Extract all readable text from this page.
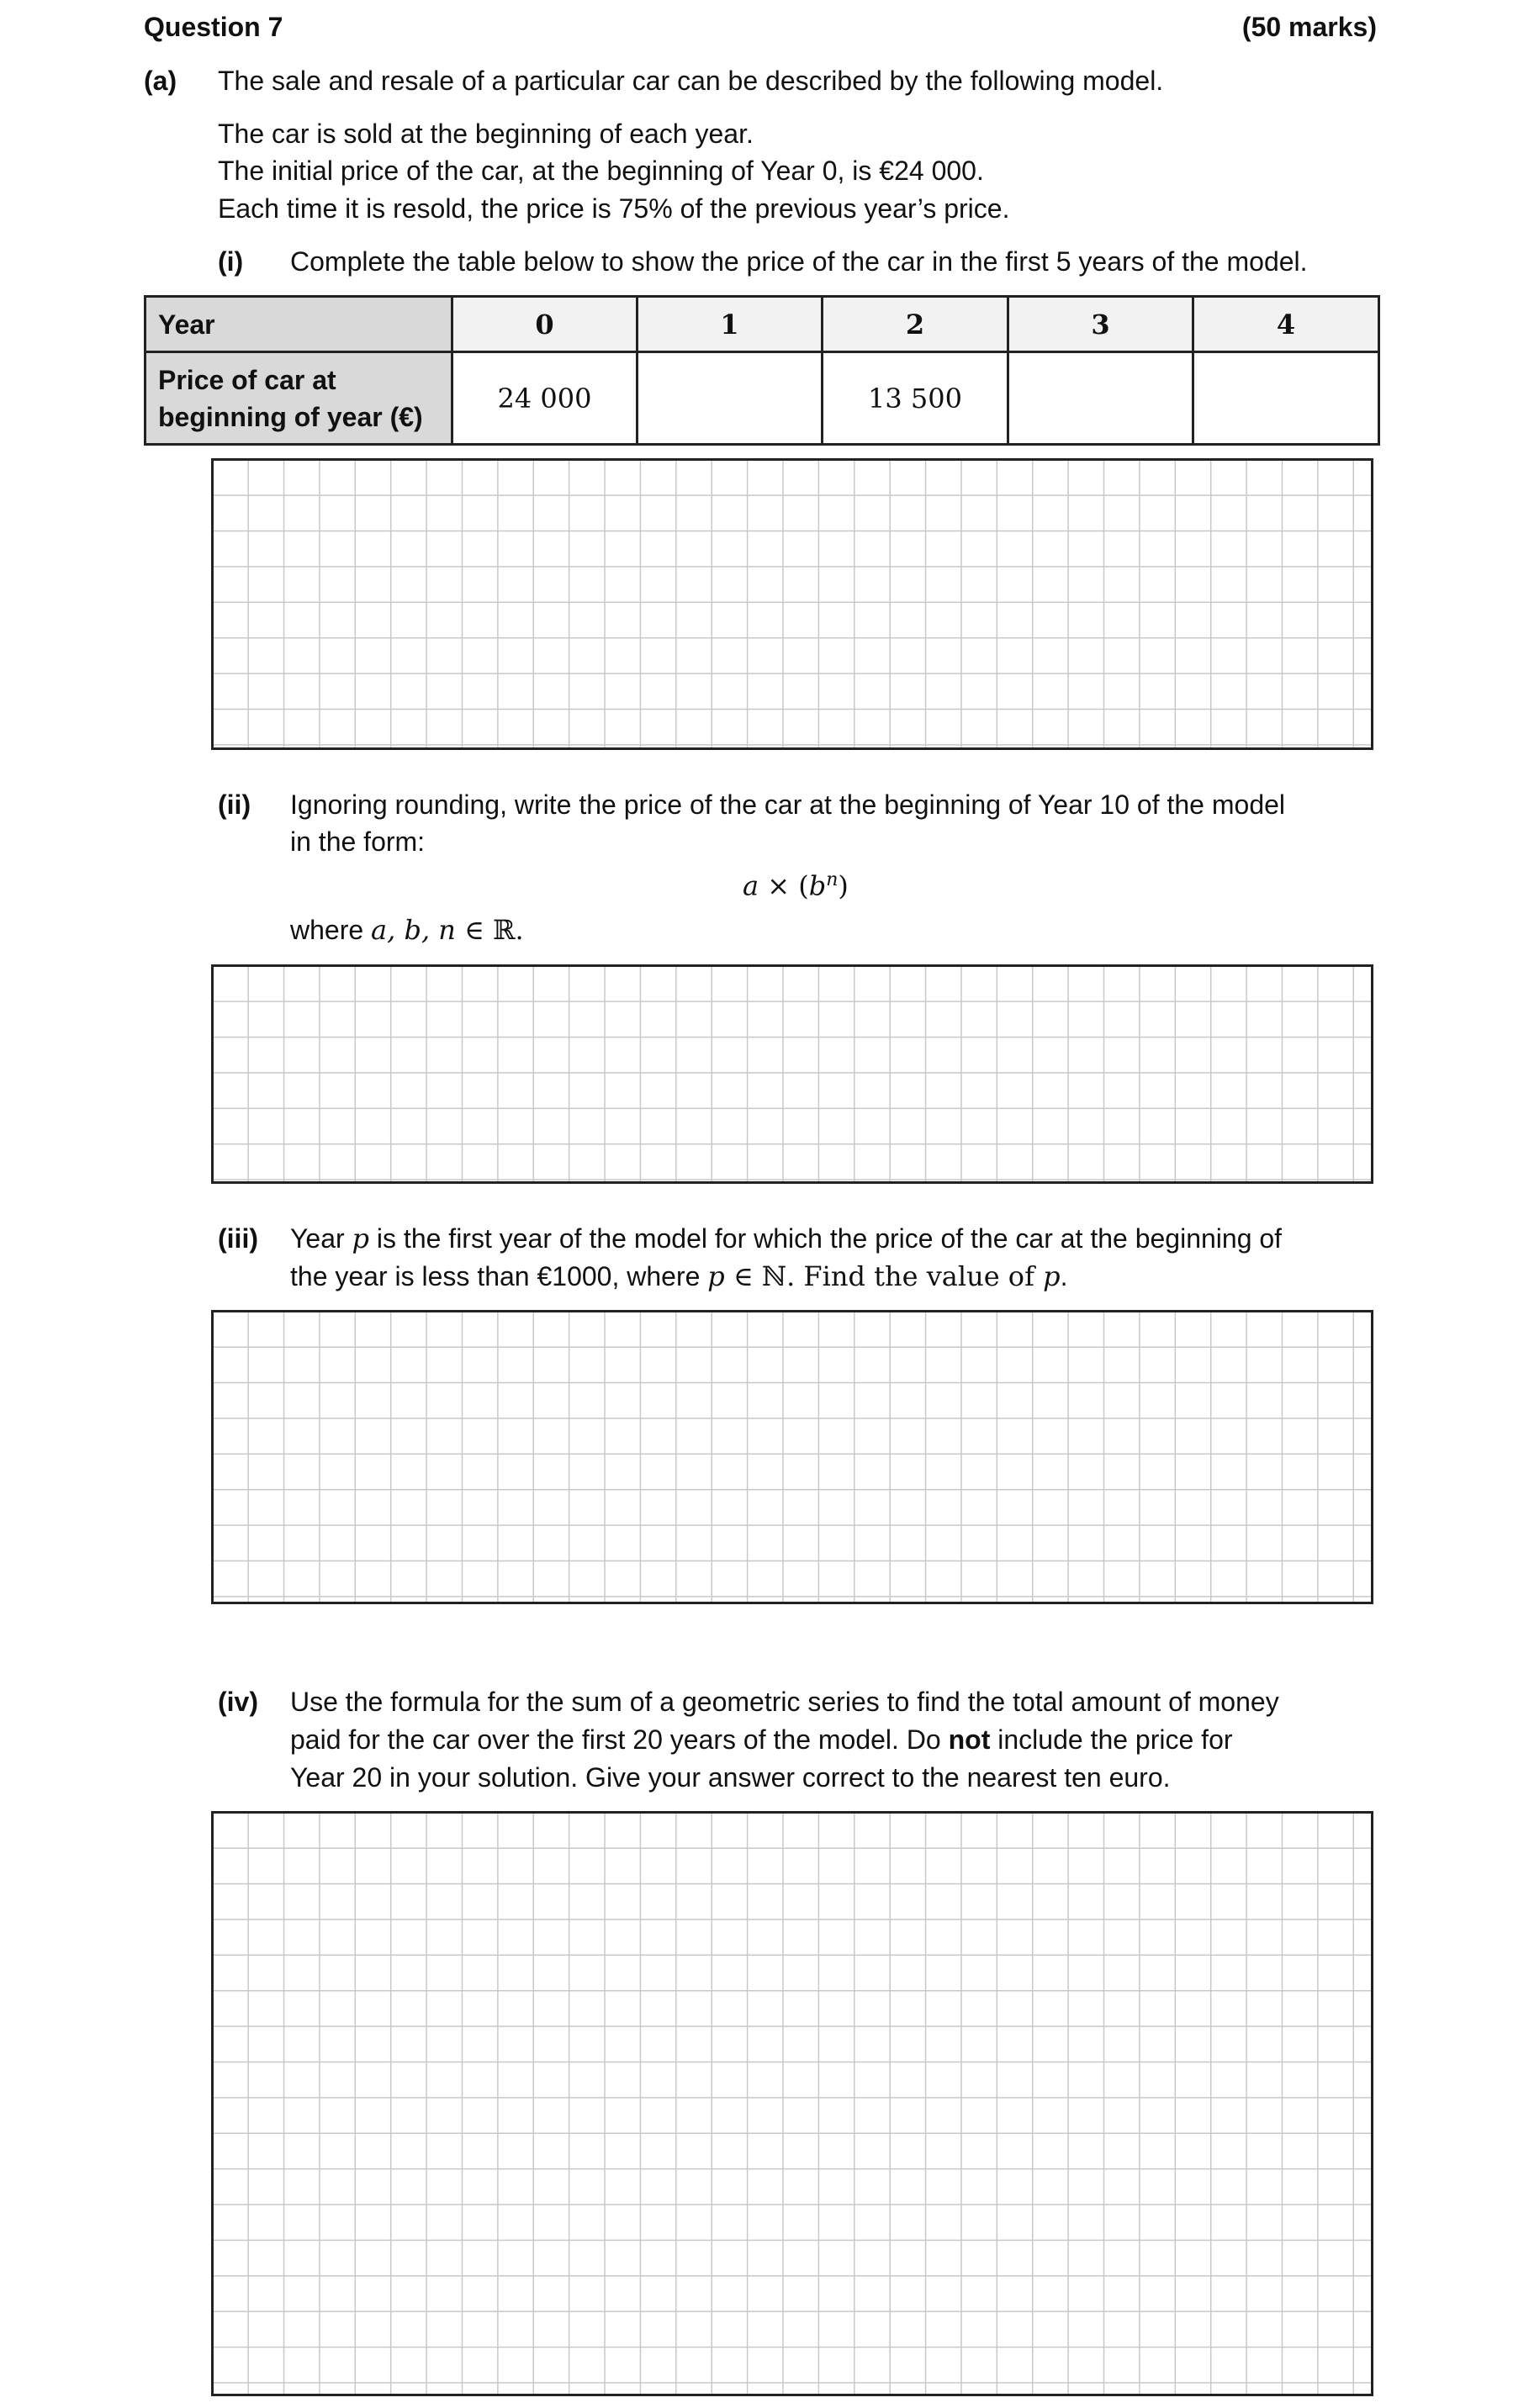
Question 7	(50 marks)
(a) The sale and resale of a particular car can be described by the following model.
The car is sold at the beginning of each year.
The initial price of the car, at the beginning of Year 0, is €24 000.
Each time it is resold, the price is 75% of the previous year’s price.
(i) Complete the table below to show the price of the car in the first 5 years of the model.
Year	0	1	2	3	4

Price of car at
beginning of year (€)	24 000		13 500		
(ii) Ignoring rounding, write the price of the car at the beginning of Year 10 of the model
in the form:
$a \times (b^n)$
where a, b, n ∈ ℝ.
(iii) Year p is the first year of the model for which the price of the car at the beginning of
the year is less than €1000, where p ∈ ℕ. Find the value of p.
(iv) Use the formula for the sum of a geometric series to find the total amount of money
paid for the car over the first 20 years of the model. Do not include the price for
Year 20 in your solution. Give your answer correct to the nearest ten euro.
